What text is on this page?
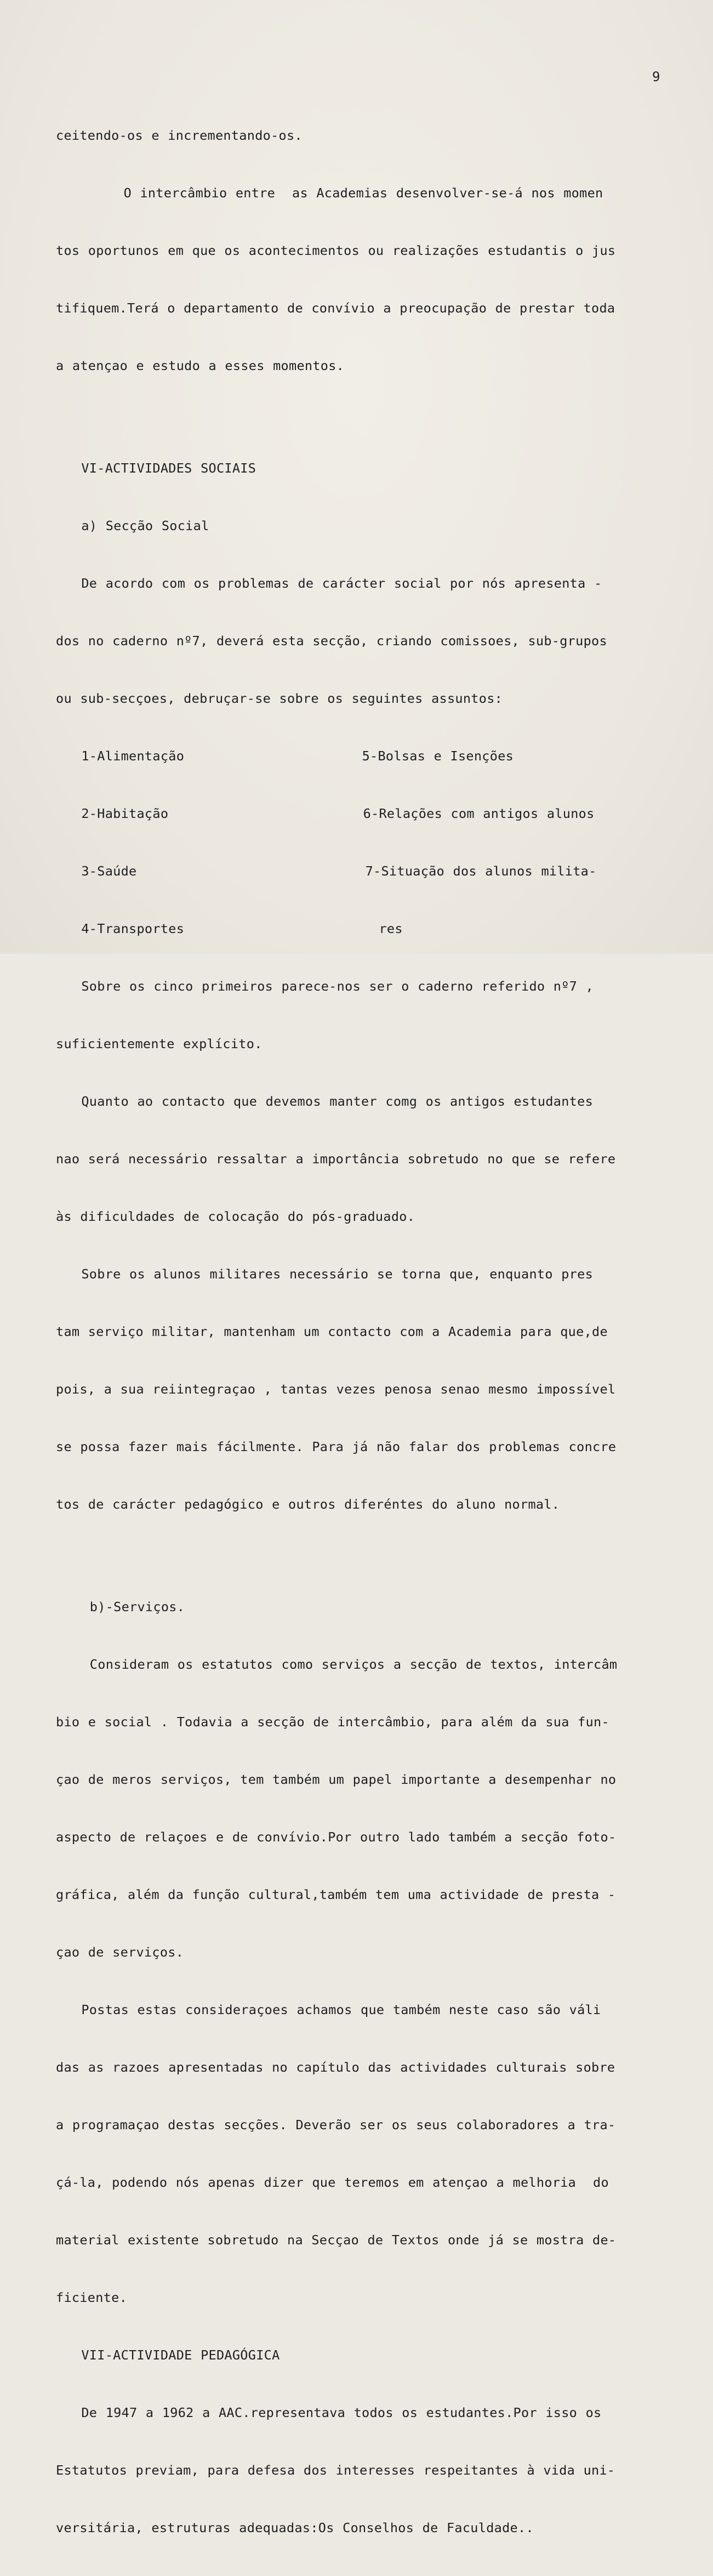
9

ceitendo-os e incrementando-os.

O intercâmbio entre  as Academias desenvolver-se-á nos momen

tos oportunos em que os acontecimentos ou realizações estudantis o jus

tifiquem.Terá o departamento de convívio a preocupação de prestar toda

a atençao e estudo a esses momentos.

VI-ACTIVIDADES SOCIAIS

a) Secção Social

De acordo com os problemas de carácter social por nós apresenta -

dos no caderno nº7, deverá esta secção, criando comissoes, sub-grupos

ou sub-secçoes, debruçar-se sobre os seguintes assuntos:

1-Alimentação                     5-Bolsas e Isenções

2-Habitação                       6-Relações com antigos alunos

3-Saúde                           7-Situação dos alunos milita-

4-Transportes                       res

Sobre os cinco primeiros parece-nos ser o caderno referido nº7 ,

suficientemente explícito.

Quanto ao contacto que devemos manter comg os antigos estudantes

nao será necessário ressaltar a importância sobretudo no que se refere

às dificuldades de colocação do pós-graduado.

Sobre os alunos militares necessário se torna que, enquanto pres

tam serviço militar, mantenham um contacto com a Academia para que,de

pois, a sua reiintegraçao , tantas vezes penosa senao mesmo impossível

se possa fazer mais fácilmente. Para já não falar dos problemas concre

tos de carácter pedagógico e outros diferéntes do aluno normal.

b)-Serviços.

Consideram os estatutos como serviços a secção de textos, intercâm

bio e social . Todavia a secção de intercâmbio, para além da sua fun-

çao de meros serviços, tem também um papel importante a desempenhar no

aspecto de relaçoes e de convívio.Por outro lado também a secção foto-

gráfica, além da função cultural,também tem uma actividade de presta -

çao de serviços.

Postas estas consideraçoes achamos que também neste caso são váli

das as razoes apresentadas no capítulo das actividades culturais sobre

a programaçao destas secções. Deverão ser os seus colaboradores a tra-

çá-la, podendo nós apenas dizer que teremos em atençao a melhoria  do

material existente sobretudo na Secçao de Textos onde já se mostra de-

ficiente.

VII-ACTIVIDADE PEDAGÓGICA

De 1947 a 1962 a AAC.representava todos os estudantes.Por isso os

Estatutos previam, para defesa dos interesses respeitantes à vida uni-

versitária, estruturas adequadas:Os Conselhos de Faculdade..
